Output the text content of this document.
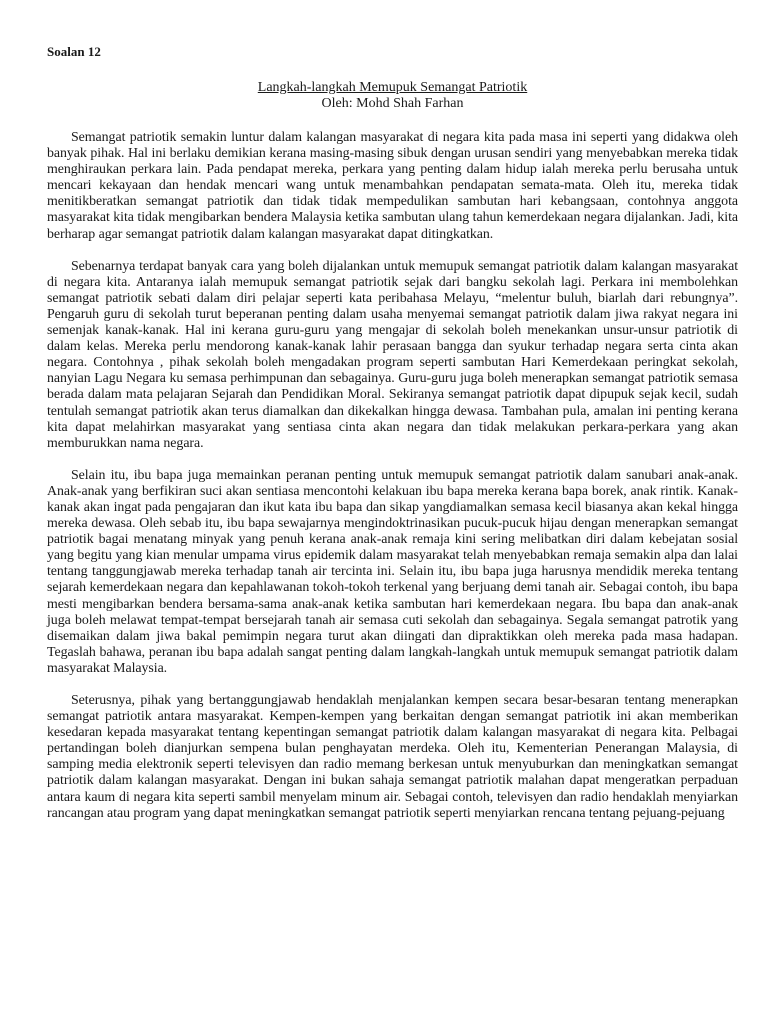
Soalan 12
Langkah-langkah Memupuk Semangat Patriotik
Oleh: Mohd Shah Farhan

Semangat patriotik semakin luntur dalam kalangan masyarakat di negara kita pada masa ini seperti yang didakwa oleh banyak pihak. Hal ini berlaku demikian kerana masing-masing sibuk dengan urusan sendiri yang menyebabkan mereka tidak menghiraukan perkara lain. Pada pendapat mereka, perkara yang penting dalam hidup ialah mereka perlu berusaha untuk mencari kekayaan dan hendak mencari wang untuk menambahkan pendapatan semata-mata. Oleh itu, mereka tidak menitikberatkan semangat patriotik dan tidak tidak mempedulikan sambutan hari kebangsaan, contohnya anggota masyarakat kita tidak mengibarkan bendera Malaysia ketika sambutan ulang tahun kemerdekaan negara dijalankan. Jadi, kita berharap agar semangat patriotik dalam kalangan masyarakat dapat ditingkatkan.

Sebenarnya terdapat banyak cara yang boleh dijalankan untuk memupuk semangat patriotik dalam kalangan masyarakat di negara kita. Antaranya ialah memupuk semangat patriotik sejak dari bangku sekolah lagi. Perkara ini membolehkan semangat patriotik sebati dalam diri pelajar seperti kata peribahasa Melayu, “melentur buluh, biarlah dari rebungnya”. Pengaruh guru di sekolah turut beperanan penting dalam usaha menyemai semangat patriotik dalam jiwa rakyat negara ini semenjak kanak-kanak. Hal ini kerana guru-guru yang mengajar di sekolah boleh menekankan unsur-unsur patriotik di dalam kelas. Mereka perlu mendorong kanak-kanak lahir perasaan bangga dan syukur terhadap negara serta cinta akan negara. Contohnya , pihak sekolah boleh mengadakan program seperti sambutan Hari Kemerdekaan peringkat sekolah, nanyian Lagu Negara ku semasa perhimpunan dan sebagainya. Guru-guru juga boleh menerapkan semangat patriotik semasa berada dalam mata pelajaran Sejarah dan Pendidikan Moral. Sekiranya semangat patriotik dapat dipupuk sejak kecil, sudah tentulah semangat patriotik akan terus diamalkan dan dikekalkan hingga dewasa. Tambahan pula, amalan ini penting kerana kita dapat melahirkan masyarakat yang sentiasa cinta akan negara dan tidak melakukan perkara-perkara yang akan memburukkan nama negara.

Selain itu, ibu bapa juga memainkan peranan penting untuk memupuk semangat patriotik dalam sanubari anak-anak. Anak-anak yang berfikiran suci akan sentiasa mencontohi kelakuan ibu bapa mereka kerana bapa borek, anak rintik. Kanak-kanak akan ingat pada pengajaran dan ikut kata ibu bapa dan sikap yangdiamalkan semasa kecil biasanya akan kekal hingga mereka dewasa. Oleh sebab itu, ibu bapa sewajarnya mengindoktrinasikan pucuk-pucuk hijau dengan menerapkan semangat patriotik bagai menatang minyak yang penuh kerana anak-anak remaja kini sering melibatkan diri dalam kebejatan sosial yang begitu yang kian menular umpama virus epidemik dalam masyarakat telah menyebabkan remaja semakin alpa dan lalai tentang tanggungjawab mereka terhadap tanah air tercinta ini. Selain itu, ibu bapa juga harusnya mendidik mereka tentang sejarah kemerdekaan negara dan kepahlawanan tokoh-tokoh terkenal yang berjuang demi tanah air. Sebagai contoh, ibu bapa mesti mengibarkan bendera bersama-sama anak-anak ketika sambutan hari kemerdekaan negara. Ibu bapa dan anak-anak juga boleh melawat tempat-tempat bersejarah tanah air semasa cuti sekolah dan sebagainya. Segala semangat patrotik yang disemaikan dalam jiwa bakal pemimpin negara turut akan diingati dan dipraktikkan oleh mereka pada masa hadapan. Tegaslah bahawa, peranan ibu bapa adalah sangat penting dalam langkah-langkah untuk memupuk semangat patriotik dalam masyarakat Malaysia.

Seterusnya, pihak yang bertanggungjawab hendaklah menjalankan kempen secara besar-besaran tentang menerapkan semangat patriotik antara masyarakat. Kempen-kempen yang berkaitan dengan semangat patriotik ini akan memberikan kesedaran kepada masyarakat tentang kepentingan semangat patriotik dalam kalangan masyarakat di negara kita. Pelbagai pertandingan boleh dianjurkan sempena bulan penghayatan merdeka. Oleh itu, Kementerian Penerangan Malaysia, di samping media elektronik seperti televisyen dan radio memang berkesan untuk menyuburkan dan meningkatkan semangat patriotik dalam kalangan masyarakat. Dengan ini bukan sahaja semangat patriotik malahan dapat mengeratkan perpaduan antara kaum di negara kita seperti sambil menyelam minum air. Sebagai contoh, televisyen dan radio hendaklah menyiarkan rancangan atau program yang dapat meningkatkan semangat patriotik seperti menyiarkan rencana tentang pejuang-pejuang
